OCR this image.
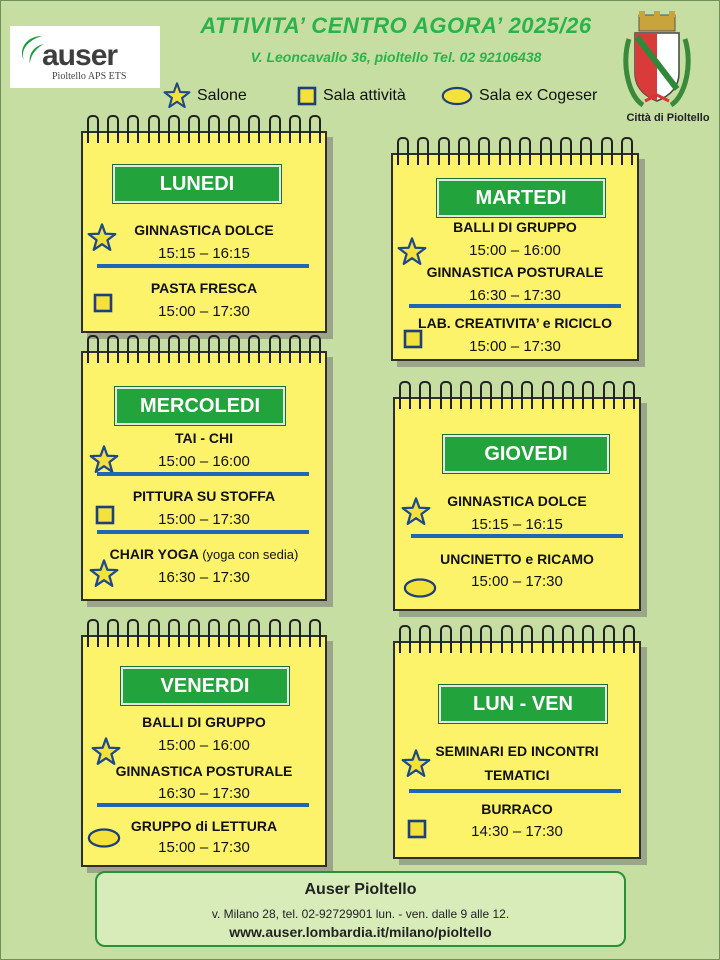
auser
Pioltello APS ETS
ATTIVITA’ CENTRO AGORA’ 2025/26
V. Leoncavallo 36, pioltello Tel. 02 92106438
Salone	Sala attività	Sala ex Cogeser
Città di Pioltello
LUNEDI
GINNASTICA DOLCE
15:15 – 16:15
PASTA FRESCA
15:00 – 17:30
MARTEDI
BALLI DI GRUPPO
15:00 – 16:00
GINNASTICA POSTURALE
16:30 – 17:30
LAB. CREATIVITA’ e RICICLO
15:00 – 17:30
MERCOLEDI
TAI - CHI
15:00 – 16:00
PITTURA SU STOFFA
15:00 – 17:30
CHAIR YOGA (yoga con sedia)
16:30 – 17:30
GIOVEDI
GINNASTICA DOLCE
15:15 – 16:15
UNCINETTO e RICAMO
15:00 – 17:30
VENERDI
BALLI DI GRUPPO
15:00 – 16:00
GINNASTICA POSTURALE
16:30 – 17:30
GRUPPO di LETTURA
15:00 – 17:30
LUN - VEN
SEMINARI ED INCONTRI
TEMATICI
BURRACO
14:30 – 17:30
Auser Pioltello
v. Milano 28, tel. 02-92729901 lun. - ven. dalle 9 alle 12.
www.auser.lombardia.it/milano/pioltello
